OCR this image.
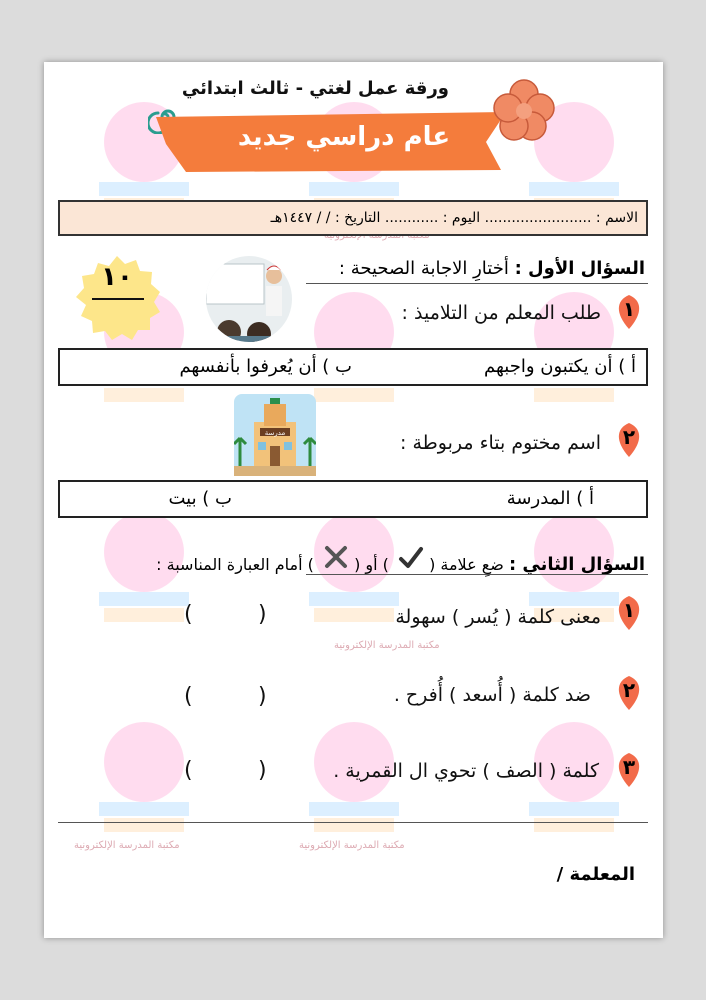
مكتبة المدرسة الإلكترونية
مكتبة المدرسة الإلكترونية	مكتبة المدرسة الإلكترونية
ورقة عمل لغتي - ثالث ابتدائي
عام دراسي جديد
الاسم : ........................ اليوم : ............ التاريخ : / / ١٤٤٧هـ
١٠	السؤال الأول : أختارِ الاجابة الصحيحة :
١
طلب المعلم من التلاميذ :
أ ) أن يكتبون واجبهم
ب ) أن يُعرفوا بأنفسهم
مدرسة	٢
اسم مختوم بتاء مربوطة :
أ ) المدرسة
ب ) بيت
السؤال الثاني : ضعِ علامة (  ) أو (  ) أمام العبارة المناسبة :
١
معنى كلمة ( يُسر ) سهولة
(	)
٢
ضد كلمة ( أُسعد ) أُفرح .
(	)
٣
كلمة ( الصف ) تحوي ال القمرية .
(	)
المعلمة /
